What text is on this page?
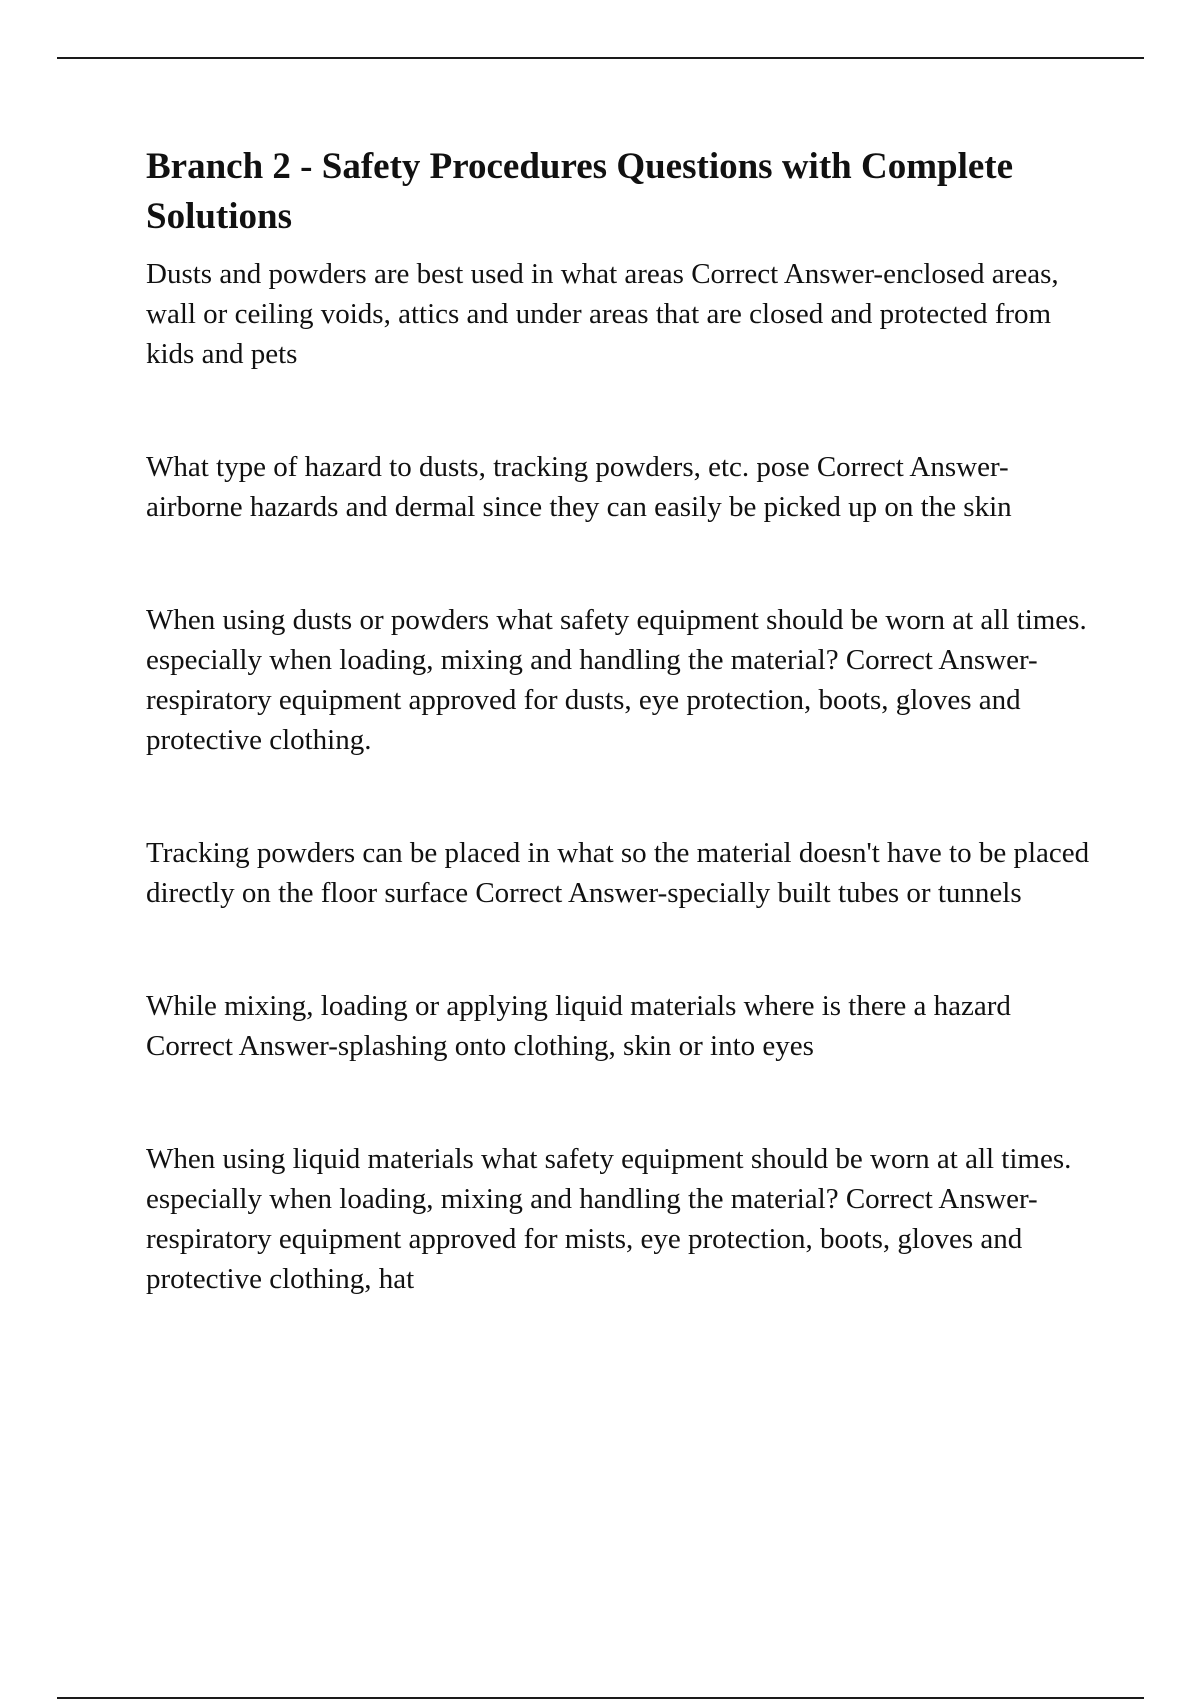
Branch 2 - Safety Procedures Questions with Complete Solutions

Dusts and powders are best used in what areas Correct Answer-enclosed areas, wall or ceiling voids, attics and under areas that are closed and protected from kids and pets

What type of hazard to dusts, tracking powders, etc. pose Correct Answer-airborne hazards and dermal since they can easily be picked up on the skin

When using dusts or powders what safety equipment should be worn at all times. especially when loading, mixing and handling the material? Correct Answer-respiratory equipment approved for dusts, eye protection, boots, gloves and protective clothing.

Tracking powders can be placed in what so the material doesn't have to be placed directly on the floor surface Correct Answer-specially built tubes or tunnels

While mixing, loading or applying liquid materials where is there a hazard Correct Answer-splashing onto clothing, skin or into eyes

When using liquid materials what safety equipment should be worn at all times. especially when loading, mixing and handling the material? Correct Answer-respiratory equipment approved for mists, eye protection, boots, gloves and protective clothing, hat
